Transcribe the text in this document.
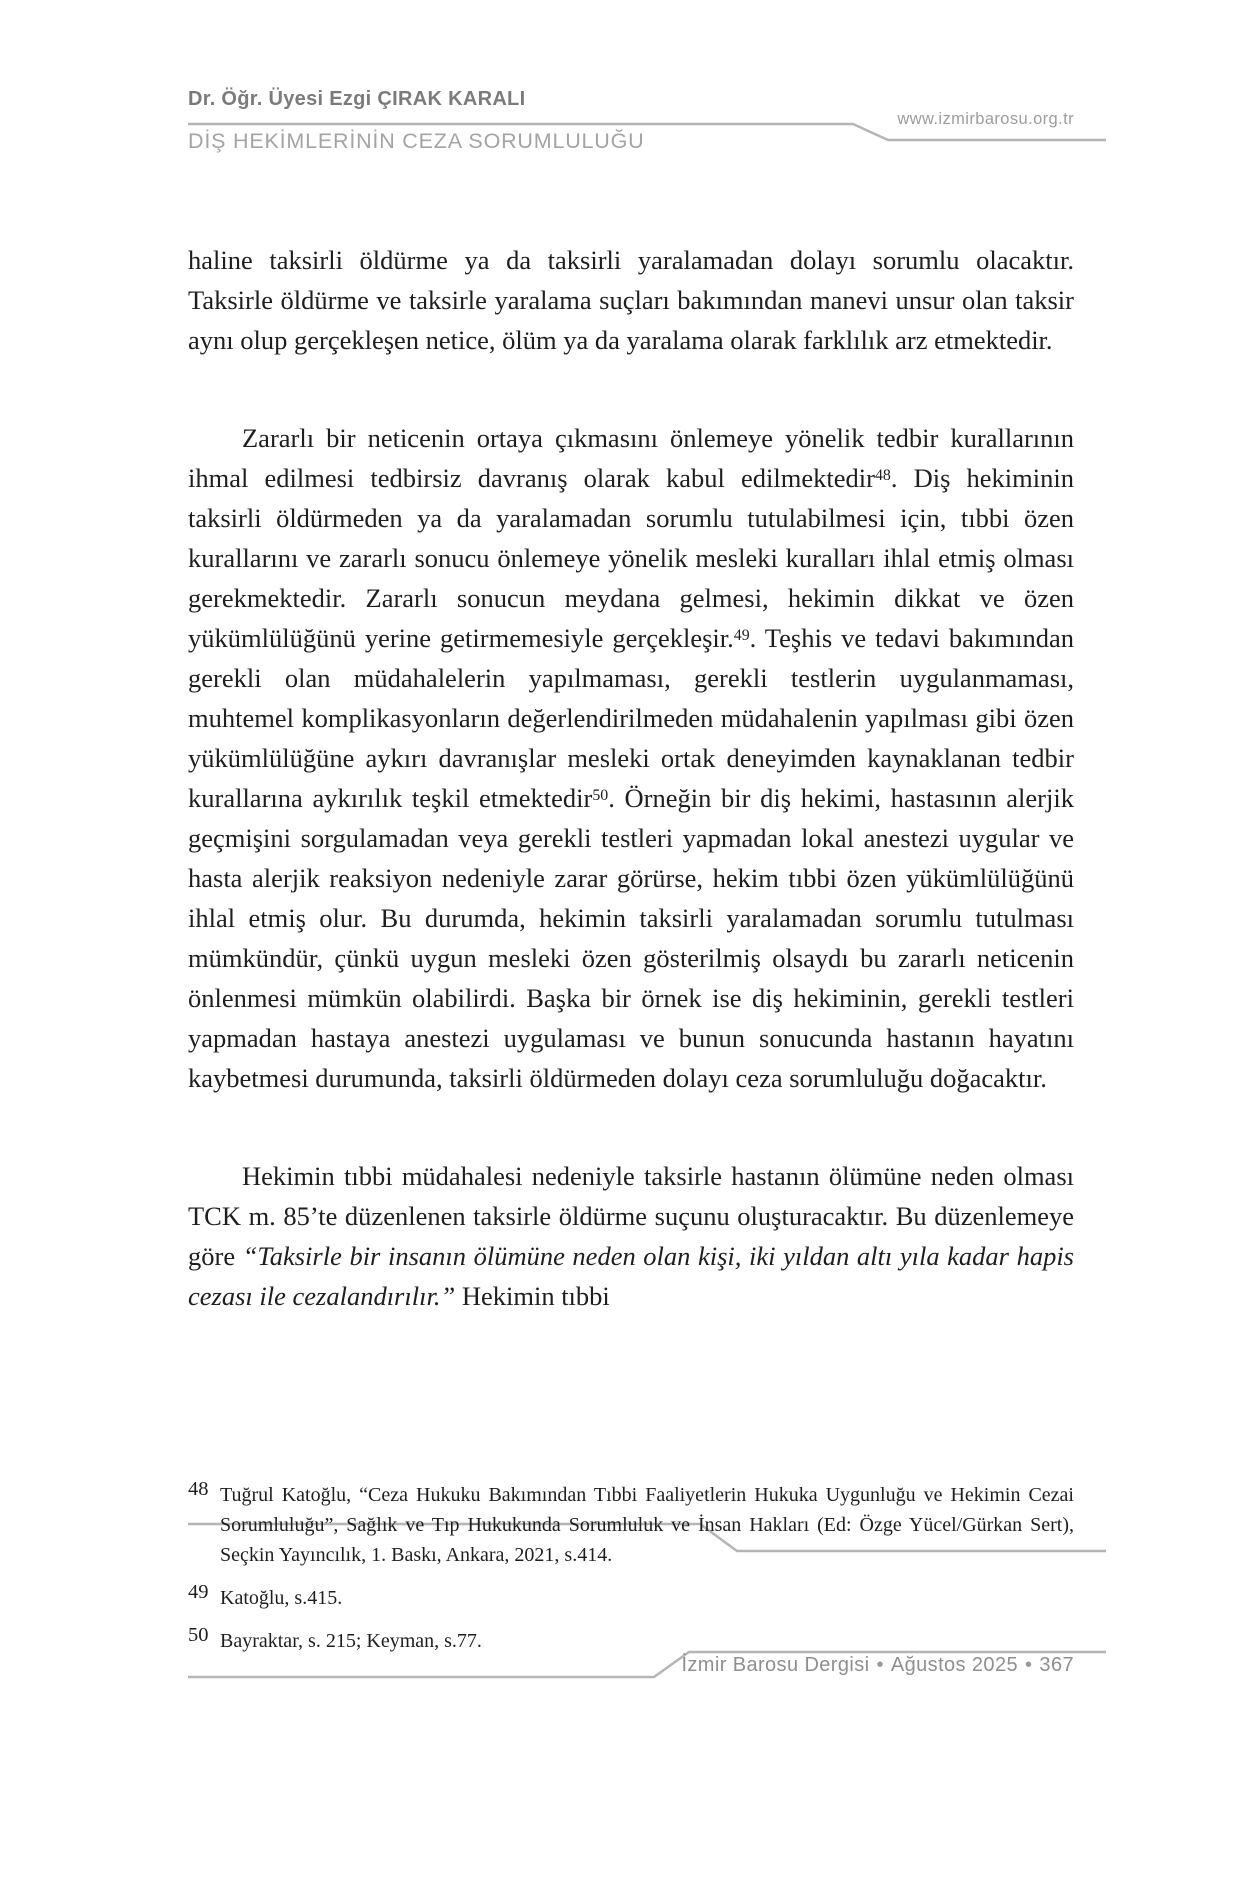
Dr. Öğr. Üyesi Ezgi ÇIRAK KARALI
DİŞ HEKİMLERİNİN CEZA SORUMLULUĞU
www.izmirbarosu.org.tr

haline taksirli öldürme ya da taksirli yaralamadan dolayı sorumlu olacaktır. Taksirle öldürme ve taksirle yaralama suçları bakımından manevi unsur olan taksir aynı olup gerçekleşen netice, ölüm ya da yaralama olarak farklılık arz etmektedir.

Zararlı bir neticenin ortaya çıkmasını önlemeye yönelik tedbir kurallarının ihmal edilmesi tedbirsiz davranış olarak kabul edilmektedir$^{48}$. Diş hekiminin taksirli öldürmeden ya da yaralamadan sorumlu tutulabilmesi için, tıbbi özen kurallarını ve zararlı sonucu önlemeye yönelik mesleki kuralları ihlal etmiş olması gerekmektedir. Zararlı sonucun meydana gelmesi, hekimin dikkat ve özen yükümlülüğünü yerine getirmemesiyle gerçekleşir.$^{49}$. Teşhis ve tedavi bakımından gerekli olan müdahalelerin yapılmaması, gerekli testlerin uygulanmaması, muhtemel komplikasyonların değerlendirilmeden müdahalenin yapılması gibi özen yükümlülüğüne aykırı davranışlar mesleki ortak deneyimden kaynaklanan tedbir kurallarına aykırılık teşkil etmektedir$^{50}$. Örneğin bir diş hekimi, hastasının alerjik geçmişini sorgulamadan veya gerekli testleri yapmadan lokal anestezi uygular ve hasta alerjik reaksiyon nedeniyle zarar görürse, hekim tıbbi özen yükümlülüğünü ihlal etmiş olur. Bu durumda, hekimin taksirli yaralamadan sorumlu tutulması mümkündür, çünkü uygun mesleki özen gösterilmiş olsaydı bu zararlı neticenin önlenmesi mümkün olabilirdi. Başka bir örnek ise diş hekiminin, gerekli testleri yapmadan hastaya anestezi uygulaması ve bunun sonucunda hastanın hayatını kaybetmesi durumunda, taksirli öldürmeden dolayı ceza sorumluluğu doğacaktır.

Hekimin tıbbi müdahalesi nedeniyle taksirle hastanın ölümüne neden olması TCK m. 85’te düzenlenen taksirle öldürme suçunu oluşturacaktır. Bu düzenlemeye göre “Taksirle bir insanın ölümüne neden olan kişi, iki yıldan altı yıla kadar hapis cezası ile cezalandırılır.” Hekimin tıbbi

48 Tuğrul Katoğlu, “Ceza Hukuku Bakımından Tıbbi Faaliyetlerin Hukuka Uygunluğu ve Hekimin Cezai Sorumluluğu”, Sağlık ve Tıp Hukukunda Sorumluluk ve İnsan Hakları (Ed: Özge Yücel/Gürkan Sert), Seçkin Yayıncılık, 1. Baskı, Ankara, 2021, s.414.
49 Katoğlu, s.415.
50 Bayraktar, s. 215; Keyman, s.77.
İzmir Barosu Dergisi • Ağustos 2025 • 367
